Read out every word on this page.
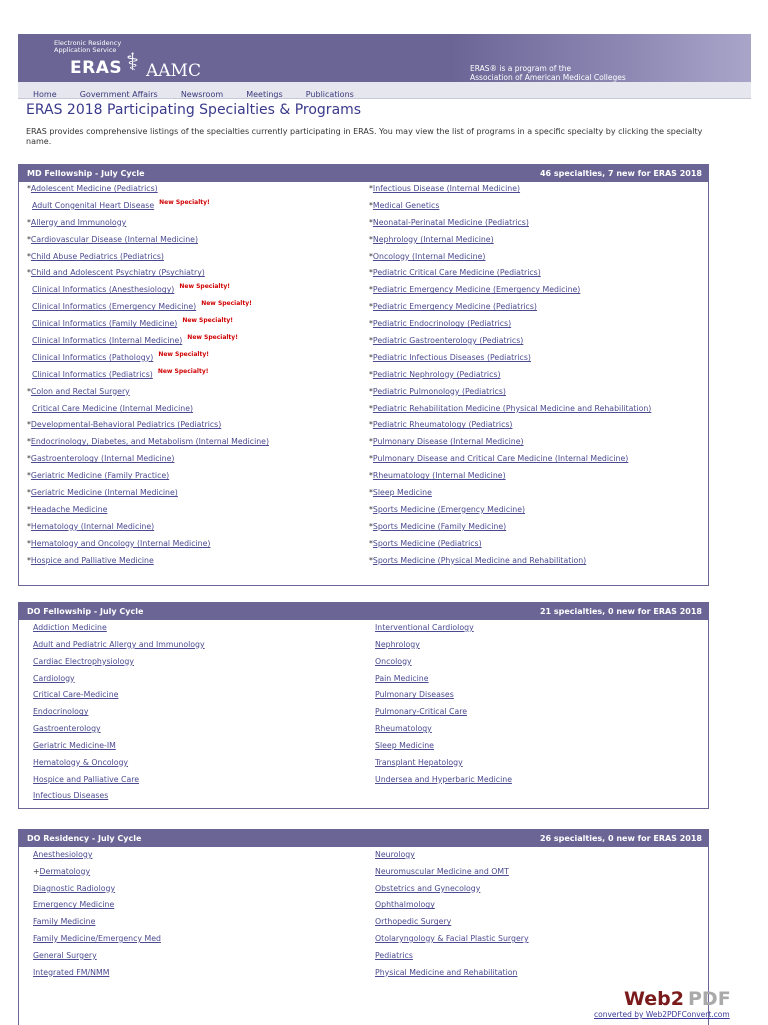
Electronic Residency
Application Service
ERAS ⚕ AAMC	ERAS® is a program of the
Association of American Medical Colleges
Home	Government Affairs	Newsroom	Meetings	Publications
ERAS 2018 Participating Specialties & Programs

ERAS provides comprehensive listings of the specialties currently participating in ERAS. You may view the list of programs in a specific specialty by clicking the specialty name.

MD Fellowship - July Cycle	46 specialties, 7 new for ERAS 2018
*Adolescent Medicine (Pediatrics)
Adult Congenital Heart Disease $^{New Specialty!}$
*Allergy and Immunology
*Cardiovascular Disease (Internal Medicine)
*Child Abuse Pediatrics (Pediatrics)
*Child and Adolescent Psychiatry (Psychiatry)
Clinical Informatics (Anesthesiology) $^{New Specialty!}$
Clinical Informatics (Emergency Medicine) $^{New Specialty!}$
Clinical Informatics (Family Medicine) $^{New Specialty!}$
Clinical Informatics (Internal Medicine) $^{New Specialty!}$
Clinical Informatics (Pathology) $^{New Specialty!}$
Clinical Informatics (Pediatrics) $^{New Specialty!}$
*Colon and Rectal Surgery
Critical Care Medicine (Internal Medicine)
*Developmental-Behavioral Pediatrics (Pediatrics)
*Endocrinology, Diabetes, and Metabolism (Internal Medicine)
*Gastroenterology (Internal Medicine)
*Geriatric Medicine (Family Practice)
*Geriatric Medicine (Internal Medicine)
*Headache Medicine
*Hematology (Internal Medicine)
*Hematology and Oncology (Internal Medicine)
*Hospice and Palliative Medicine
*Infectious Disease (Internal Medicine)
*Medical Genetics
*Neonatal-Perinatal Medicine (Pediatrics)
*Nephrology (Internal Medicine)
*Oncology (Internal Medicine)
*Pediatric Critical Care Medicine (Pediatrics)
*Pediatric Emergency Medicine (Emergency Medicine)
*Pediatric Emergency Medicine (Pediatrics)
*Pediatric Endocrinology (Pediatrics)
*Pediatric Gastroenterology (Pediatrics)
*Pediatric Infectious Diseases (Pediatrics)
*Pediatric Nephrology (Pediatrics)
*Pediatric Pulmonology (Pediatrics)
*Pediatric Rehabilitation Medicine (Physical Medicine and Rehabilitation)
*Pediatric Rheumatology (Pediatrics)
*Pulmonary Disease (Internal Medicine)
*Pulmonary Disease and Critical Care Medicine (Internal Medicine)
*Rheumatology (Internal Medicine)
*Sleep Medicine
*Sports Medicine (Emergency Medicine)
*Sports Medicine (Family Medicine)
*Sports Medicine (Pediatrics)
*Sports Medicine (Physical Medicine and Rehabilitation)
DO Fellowship - July Cycle	21 specialties, 0 new for ERAS 2018
Addiction Medicine
Adult and Pediatric Allergy and Immunology
Cardiac Electrophysiology
Cardiology
Critical Care-Medicine
Endocrinology
Gastroenterology
Geriatric Medicine-IM
Hematology & Oncology
Hospice and Palliative Care
Infectious Diseases
Interventional Cardiology
Nephrology
Oncology
Pain Medicine
Pulmonary Diseases
Pulmonary-Critical Care
Rheumatology
Sleep Medicine
Transplant Hepatology
Undersea and Hyperbaric Medicine
DO Residency - July Cycle	26 specialties, 0 new for ERAS 2018
Anesthesiology
+Dermatology
Diagnostic Radiology
Emergency Medicine
Family Medicine
Family Medicine/Emergency Med
General Surgery
Integrated FM/NMM
Neurology
Neuromuscular Medicine and OMT
Obstetrics and Gynecology
Ophthalmology
Orthopedic Surgery
Otolaryngology & Facial Plastic Surgery
Pediatrics
Physical Medicine and Rehabilitation
Web2 PDF
converted by Web2PDFConvert.com
